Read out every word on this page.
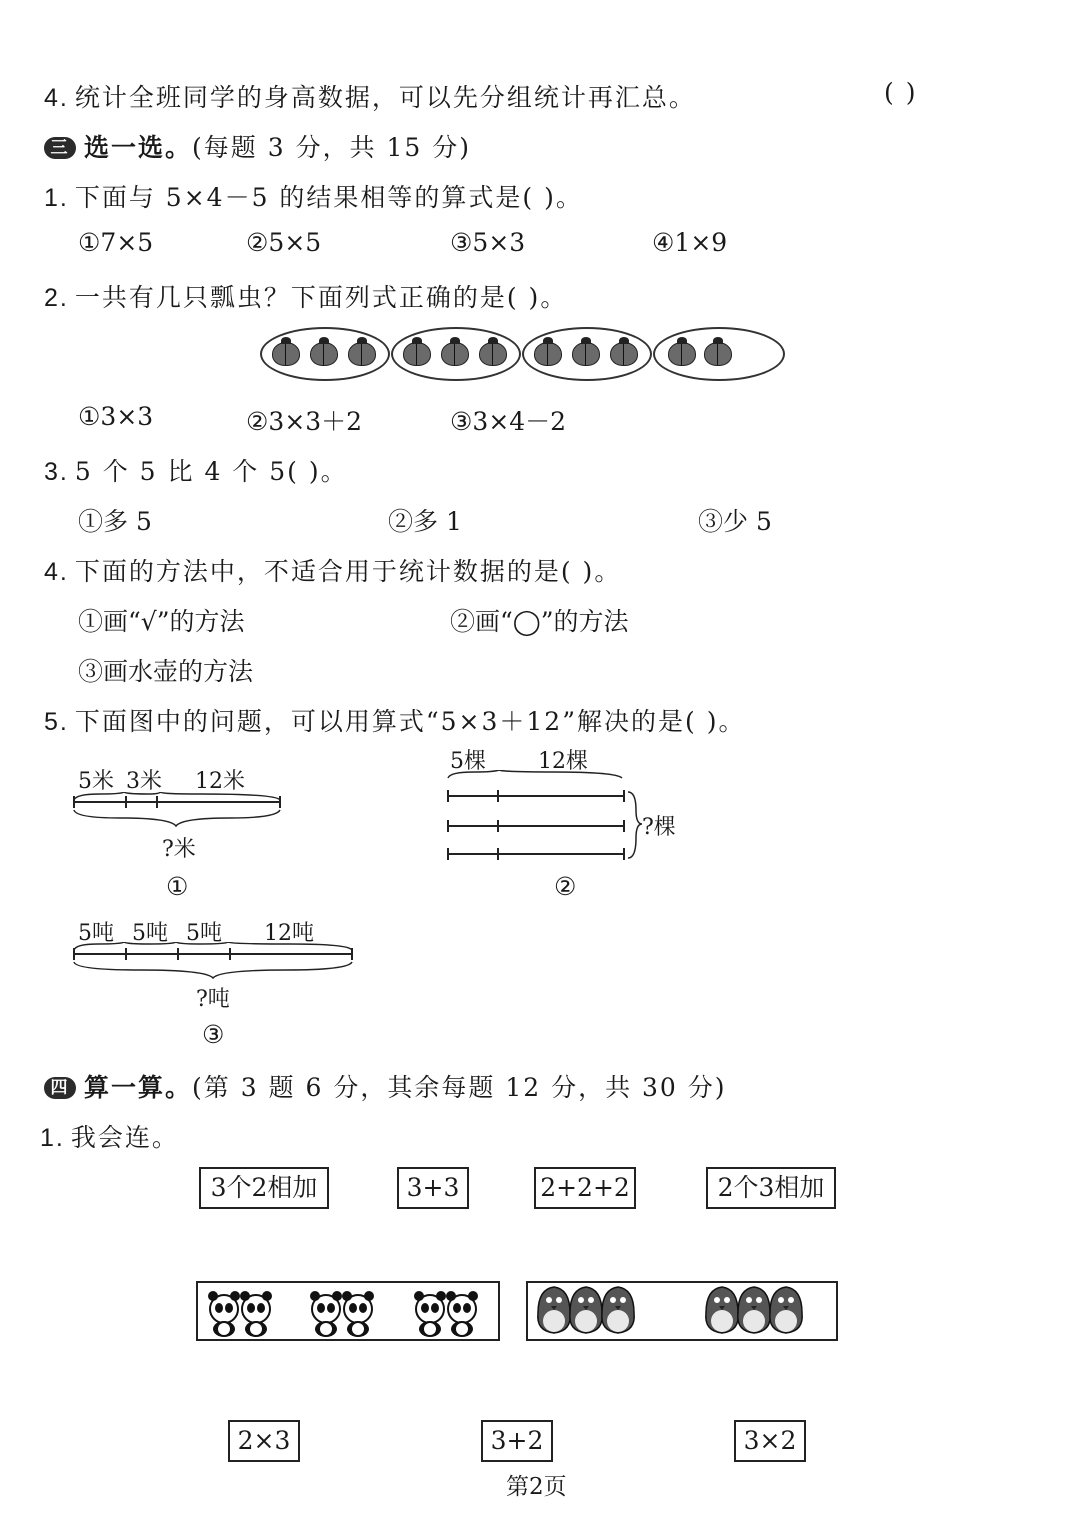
4. 统计全班同学的身高数据，可以先分组统计再汇总。	( )
三 选一选。(每题 3 分，共 15 分)
1. 下面与 5×4－5 的结果相等的算式是( )。
①7×5	②5×5	③5×3	④1×9
2. 一共有几只瓢虫？下面列式正确的是( )。
①3×3	②3×3＋2	③3×4－2
3. 5 个 5 比 4 个 5( )。
①多 5	②多 1	③少 5
4. 下面的方法中，不适合用于统计数据的是( )。
①画“√”的方法	②画“◯”的方法
③画水壶的方法
5. 下面图中的问题，可以用算式“5×3＋12”解决的是( )。
5米 3米 12米
?米
①
5棵 12棵
?棵
②
5吨 5吨 5吨 12吨
?吨
③
四 算一算。(第 3 题 6 分，其余每题 12 分，共 30 分)
1. 我会连。
3个2相加	3+3	2+2+2	2个3相加
2×3	3+2	3×2
第2页
